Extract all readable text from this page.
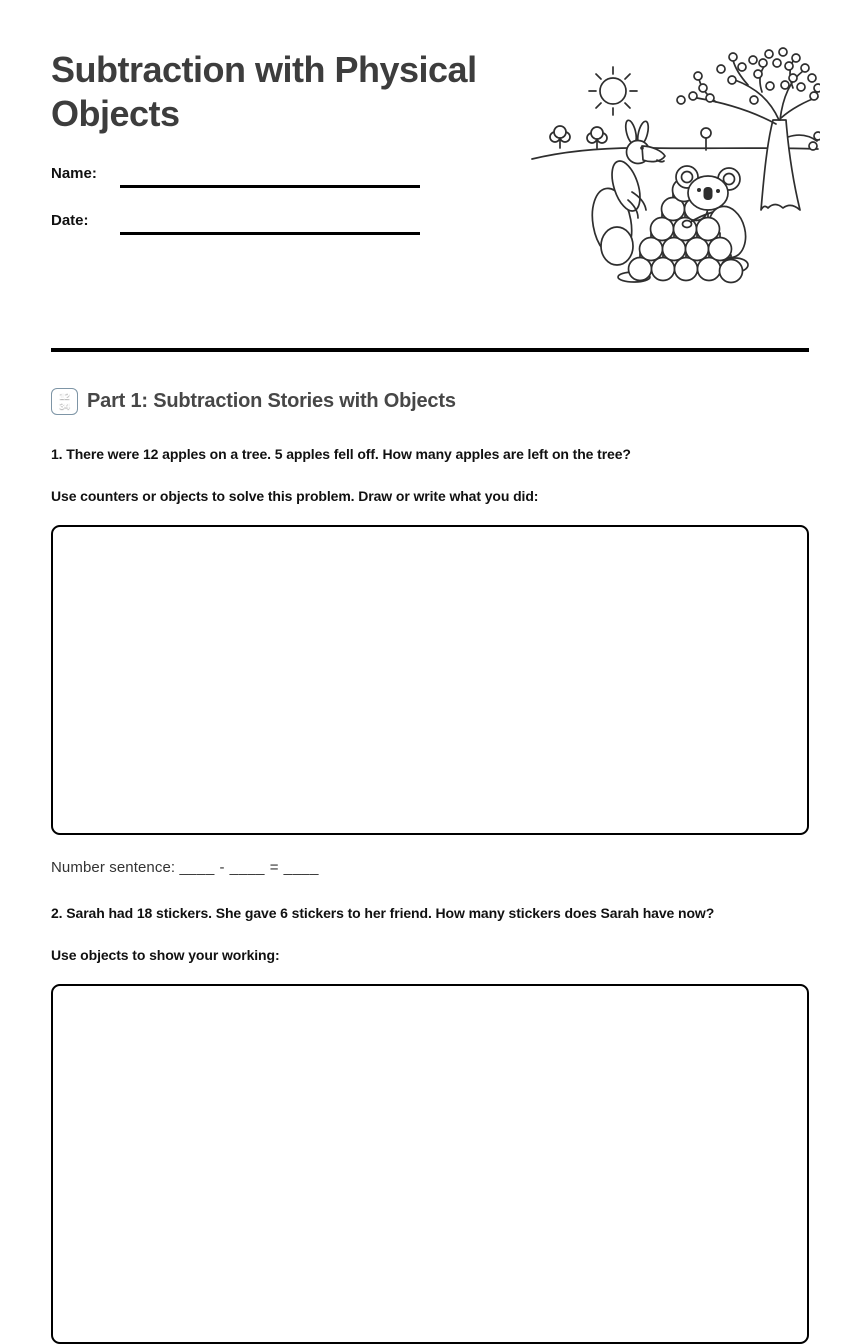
Subtraction with Physical Objects
Name:
Date:
12
34 Part 1: Subtraction Stories with Objects

1. There were 12 apples on a tree. 5 apples fell off. How many apples are left on the tree?

Use counters or objects to solve this problem. Draw or write what you did:

Number sentence: ____ - ____ = ____

2. Sarah had 18 stickers. She gave 6 stickers to her friend. How many stickers does Sarah have now?

Use objects to show your working:
